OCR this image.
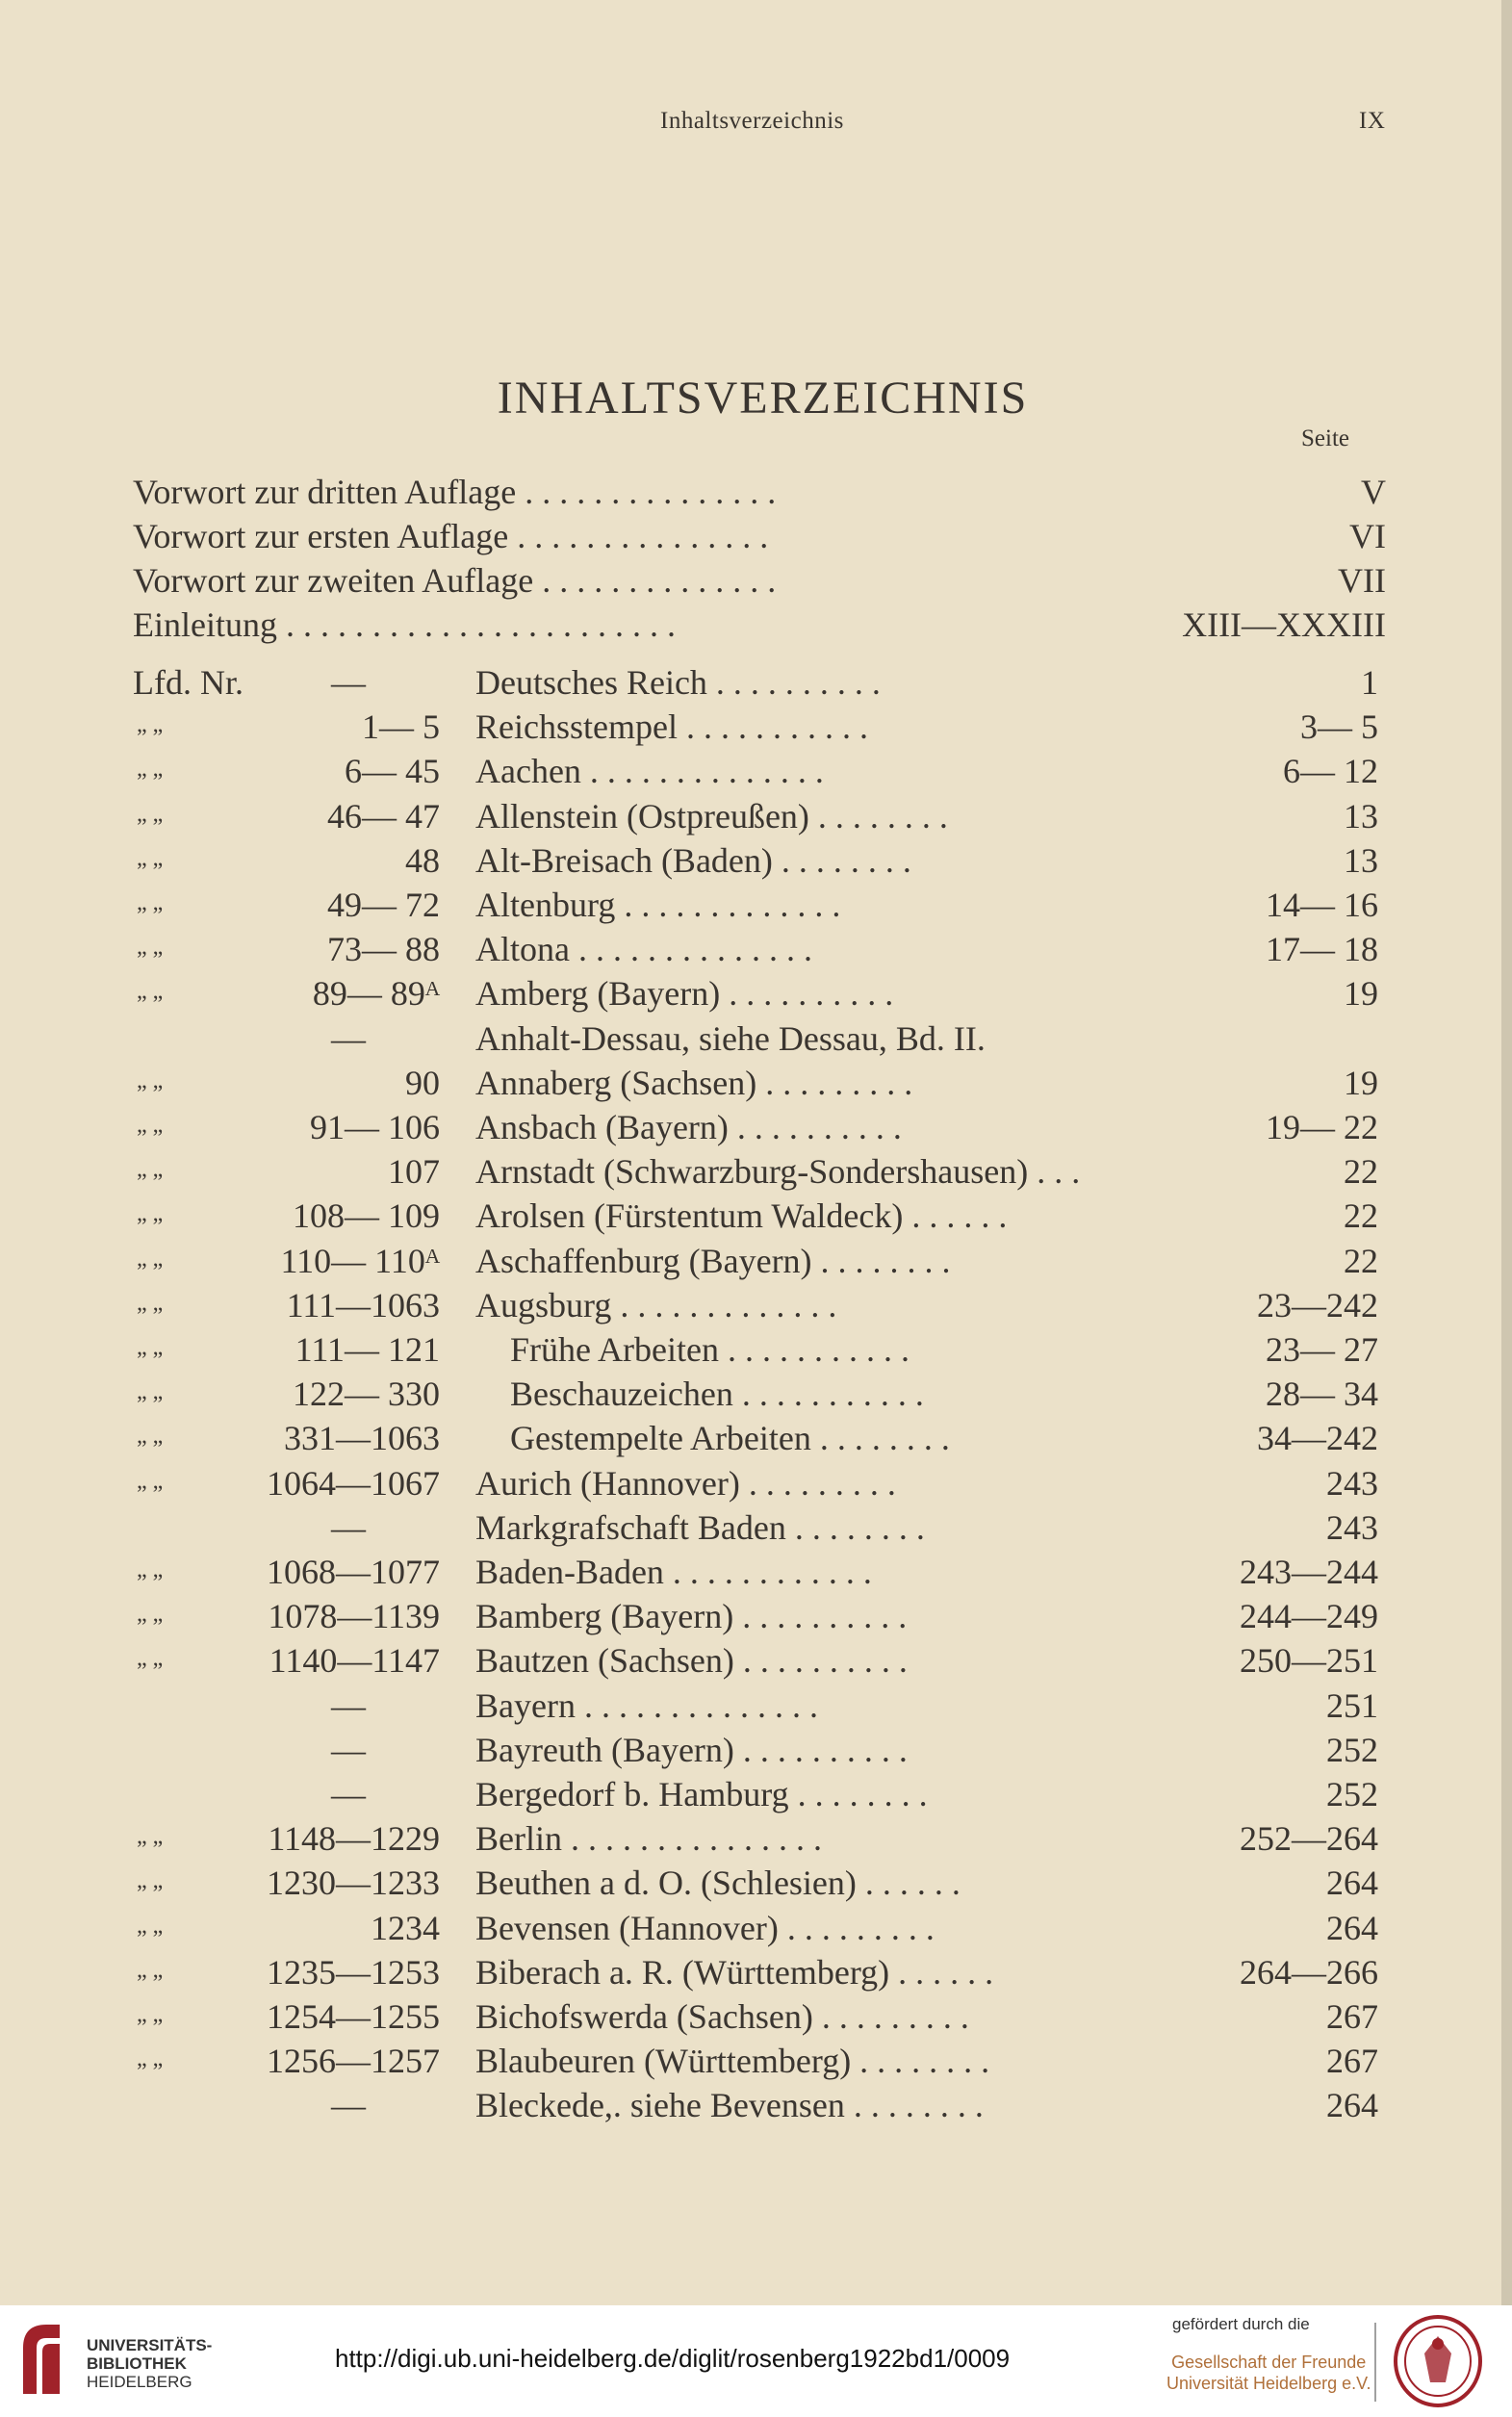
Inhaltsverzeichnis	IX
INHALTSVERZEICHNIS
Seite
Vorwort zur dritten Auflage . . . . . . . . . . . . . . .	V
Vorwort zur ersten Auflage . . . . . . . . . . . . . . .	VI
Vorwort zur zweiten Auflage . . . . . . . . . . . . . .	VII
Einleitung . . . . . . . . . . . . . . . . . . . . . . .	XIII—XXXIII
Lfd. Nr.	—	Deutsches Reich . . . . . . . . . .	1
„ „	1— 5 Reichsstempel . . . . . . . . . . .	3— 5
„ „	6— 45 Aachen . . . . . . . . . . . . . .	6— 12
„ „	46— 47 Allenstein (Ostpreußen) . . . . . . . .	13
„ „	48 Alt-Breisach (Baden) . . . . . . . .	13
„ „	49— 72 Altenburg . . . . . . . . . . . . .	14— 16
„ „	73— 88 Altona . . . . . . . . . . . . . .	17— 18
„ „	89— 89ᴬ Amberg (Bayern) . . . . . . . . . .	19
—	Anhalt-Dessau, siehe Dessau, Bd. II.
„ „	90 Annaberg (Sachsen) . . . . . . . . .	19
„ „	91— 106 Ansbach (Bayern) . . . . . . . . . .	19— 22
„ „	107 Arnstadt (Schwarzburg-Sondershausen) . . .	22
„ „	108— 109 Arolsen (Fürstentum Waldeck) . . . . . .	22
„ „	110— 110ᴬ Aschaffenburg (Bayern) . . . . . . . .	22
„ „	111—1063 Augsburg . . . . . . . . . . . . .	23—242
„ „	111— 121 Frühe Arbeiten . . . . . . . . . . .	23— 27
„ „	122— 330 Beschauzeichen . . . . . . . . . . .	28— 34
„ „	331—1063 Gestempelte Arbeiten . . . . . . . .	34—242
„ „	1064—1067 Aurich (Hannover) . . . . . . . . .	243
—	Markgrafschaft Baden . . . . . . . .	243
„ „	1068—1077 Baden-Baden . . . . . . . . . . . .	243—244
„ „	1078—1139 Bamberg (Bayern) . . . . . . . . . .	244—249
„ „	1140—1147 Bautzen (Sachsen) . . . . . . . . . .	250—251
—	Bayern . . . . . . . . . . . . . .	251
—	Bayreuth (Bayern) . . . . . . . . . .	252
—	Bergedorf b. Hamburg . . . . . . . .	252
„ „	1148—1229 Berlin . . . . . . . . . . . . . . .	252—264
„ „	1230—1233 Beuthen a d. O. (Schlesien) . . . . . .	264
„ „	1234 Bevensen (Hannover) . . . . . . . . .	264
„ „	1235—1253 Biberach a. R. (Württemberg) . . . . . .	264—266
„ „	1254—1255 Bichofswerda (Sachsen) . . . . . . . . .	267
„ „	1256—1257 Blaubeuren (Württemberg) . . . . . . . .	267
—	Bleckede,. siehe Bevensen . . . . . . . .	264
UNIVERSITÄTS-
BIBLIOTHEK
HEIDELBERG
http://digi.ub.uni-heidelberg.de/diglit/rosenberg1922bd1/0009
gefördert durch die
Gesellschaft der Freunde
Universität Heidelberg e.V.
